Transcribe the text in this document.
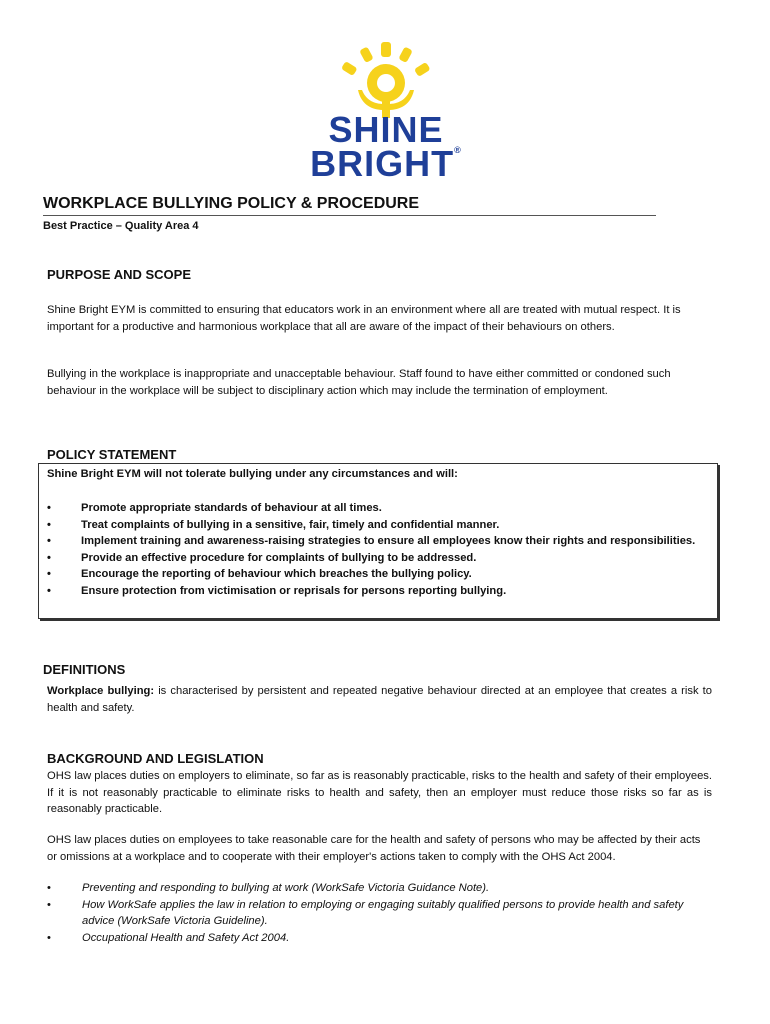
SHINE
BRIGHT®
WORKPLACE BULLYING POLICY & PROCEDURE
Best Practice – Quality Area 4
PURPOSE AND SCOPE

Shine Bright EYM is committed to ensuring that educators work in an environment where all are treated with mutual respect. It is important for a productive and harmonious workplace that all are aware of the impact of their behaviours on others.

Bullying in the workplace is inappropriate and unacceptable behaviour. Staff found to have either committed or condoned such behaviour in the workplace will be subject to disciplinary action which may include the termination of employment.

POLICY STATEMENT
Shine Bright EYM will not tolerate bullying under any circumstances and will:
•	Promote appropriate standards of behaviour at all times.
•	Treat complaints of bullying in a sensitive, fair, timely and confidential manner.
•	Implement training and awareness-raising strategies to ensure all employees know their rights and responsibilities.
•	Provide an effective procedure for complaints of bullying to be addressed.
•	Encourage the reporting of behaviour which breaches the bullying policy.
•	Ensure protection from victimisation or reprisals for persons reporting bullying.
DEFINITIONS

Workplace bullying: is characterised by persistent and repeated negative behaviour directed at an employee that creates a risk to health and safety.

BACKGROUND AND LEGISLATION

OHS law places duties on employers to eliminate, so far as is reasonably practicable, risks to the health and safety of their employees. If it is not reasonably practicable to eliminate risks to health and safety, then an employer must reduce those risks so far as is reasonably practicable.

OHS law places duties on employees to take reasonable care for the health and safety of persons who may be affected by their acts or omissions at a workplace and to cooperate with their employer's actions taken to comply with the OHS Act 2004.

•	Preventing and responding to bullying at work (WorkSafe Victoria Guidance Note).
•	How WorkSafe applies the law in relation to employing or engaging suitably qualified persons to provide health and safety advice (WorkSafe Victoria Guideline).
•	Occupational Health and Safety Act 2004.
